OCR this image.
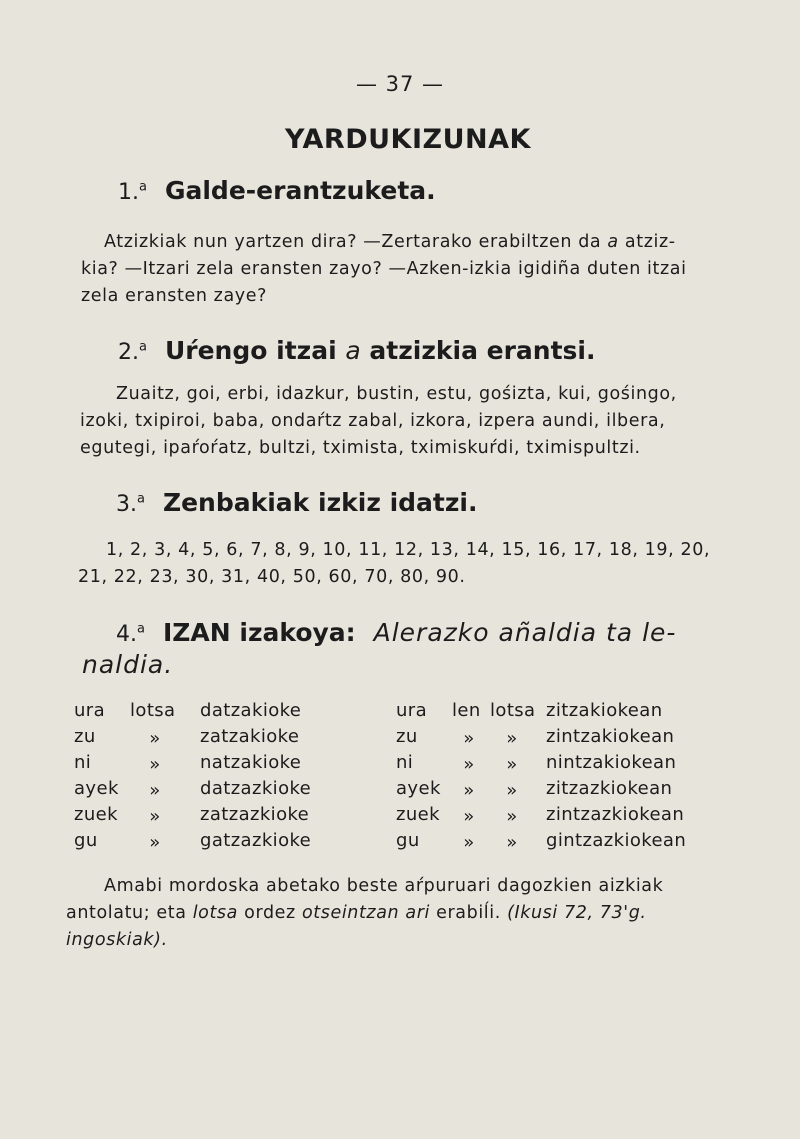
— 37 —
YARDUKIZUNAK
1.$^a$ Galde-erantzuketa.
Atzizkiak nun yartzen dira? —Zertarako erabiltzen da a atziz-
kia? —Itzari zela eransten zayo? —Azken-izkia igidiña duten itzai
zela eransten zaye?
2.$^a$ Uŕengo itzai a atzizkia erantsi.
Zuaitz, goi, erbi, idazkur, bustin, estu, gośizta, kui, gośingo,
izoki, txipiroi, baba, ondaŕtz zabal, izkora, izpera aundi, ilbera,
egutegi, ipaŕoŕatz, bultzi, tximista, tximiskuŕdi, tximispultzi.
3.$^a$ Zenbakiak izkiz idatzi.
1, 2, 3, 4, 5, 6, 7, 8, 9, 10, 11, 12, 13, 14, 15, 16, 17, 18, 19, 20,
21, 22, 23, 30, 31, 40, 50, 60, 70, 80, 90.
4.$^a$ IZAN izakoya: Alerazko añaldia ta le-
naldia.
ura lotsa datzakioke
zu	»	zatzakioke
ni	»	natzakioke
ayek	»	datzazkioke
zuek	»	zatzazkioke
gu	»	gatzazkioke
ura len lotsa zitzakiokean
zu	»	»	zintzakiokean
ni	»	»	nintzakiokean
ayek	»	»	zitzazkiokean
zuek	»	»	zintzazkiokean
gu	»	»	gintzazkiokean
Amabi mordoska abetako beste aŕpuruari dagozkien aizkiak
antolatu; eta lotsa ordez otseintzan ari erabiĺi. (Ikusi 72, 73'g.
ingoskiak).
